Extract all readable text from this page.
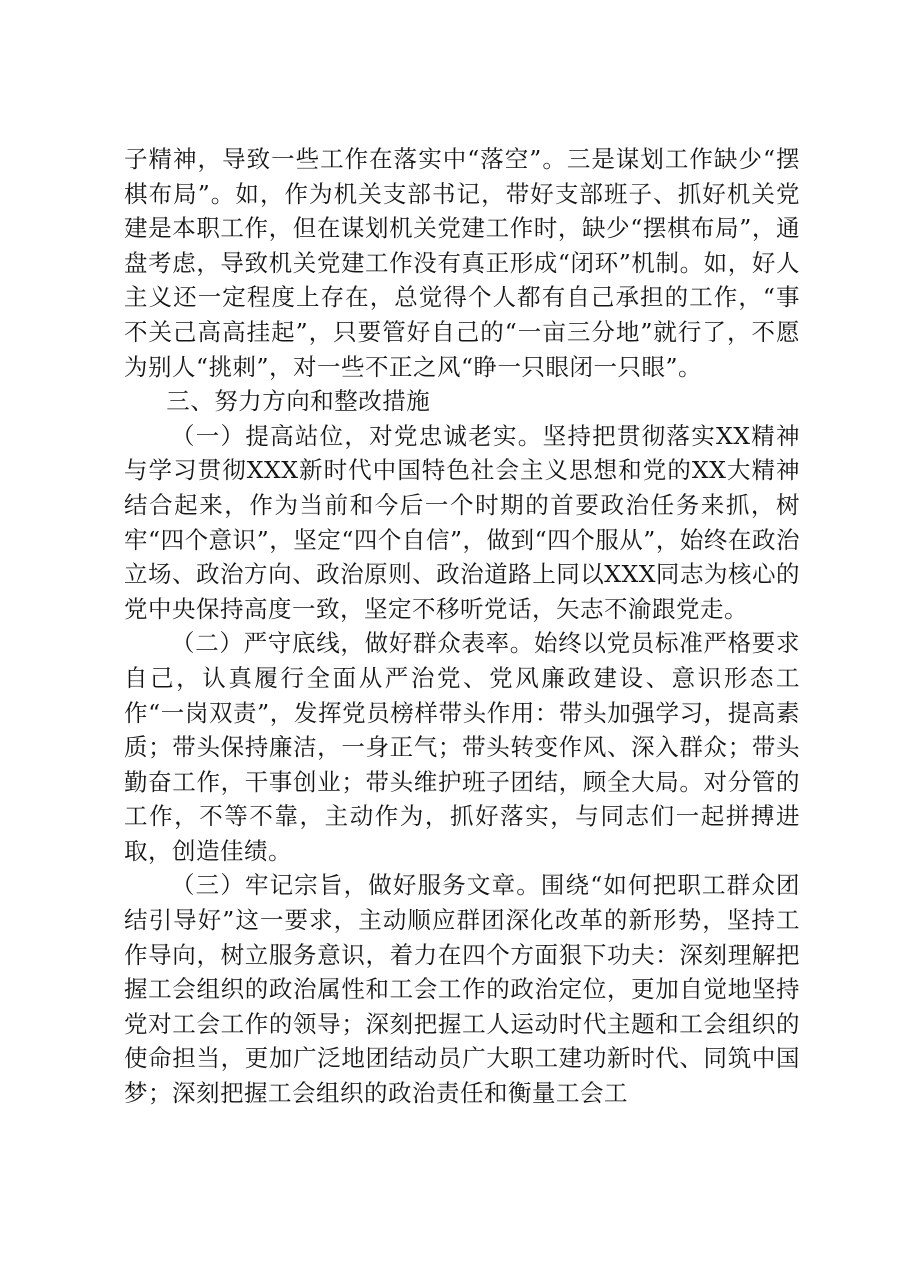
子精神，导致一些工作在落实中“落空”。三是谋划工作缺少“摆棋布局”。如，作为机关支部书记，带好支部班子、抓好机关党建是本职工作，但在谋划机关党建工作时，缺少“摆棋布局”，通盘考虑，导致机关党建工作没有真正形成“闭环”机制。如，好人主义还一定程度上存在，总觉得个人都有自己承担的工作，“事不关己高高挂起”，只要管好自己的“一亩三分地”就行了，不愿为别人“挑刺”，对一些不正之风“睁一只眼闭一只眼”。

三、努力方向和整改措施

（一）提高站位，对党忠诚老实。坚持把贯彻落实XX精神与学习贯彻XXX新时代中国特色社会主义思想和党的XX大精神结合起来，作为当前和今后一个时期的首要政治任务来抓，树牢“四个意识”，坚定“四个自信”，做到“四个服从”，始终在政治立场、政治方向、政治原则、政治道路上同以XXX同志为核心的党中央保持高度一致，坚定不移听党话，矢志不渝跟党走。

（二）严守底线，做好群众表率。始终以党员标准严格要求自己，认真履行全面从严治党、党风廉政建设、意识形态工作“一岗双责”，发挥党员榜样带头作用：带头加强学习，提高素质；带头保持廉洁，一身正气；带头转变作风、深入群众；带头勤奋工作，干事创业；带头维护班子团结，顾全大局。对分管的工作，不等不靠，主动作为，抓好落实，与同志们一起拼搏进取，创造佳绩。

（三）牢记宗旨，做好服务文章。围绕“如何把职工群众团结引导好”这一要求，主动顺应群团深化改革的新形势，坚持工作导向，树立服务意识，着力在四个方面狠下功夫：深刻理解把握工会组织的政治属性和工会工作的政治定位，更加自觉地坚持党对工会工作的领导；深刻把握工人运动时代主题和工会组织的使命担当，更加广泛地团结动员广大职工建功新时代、同筑中国梦；深刻把握工会组织的政治责任和衡量工会工
